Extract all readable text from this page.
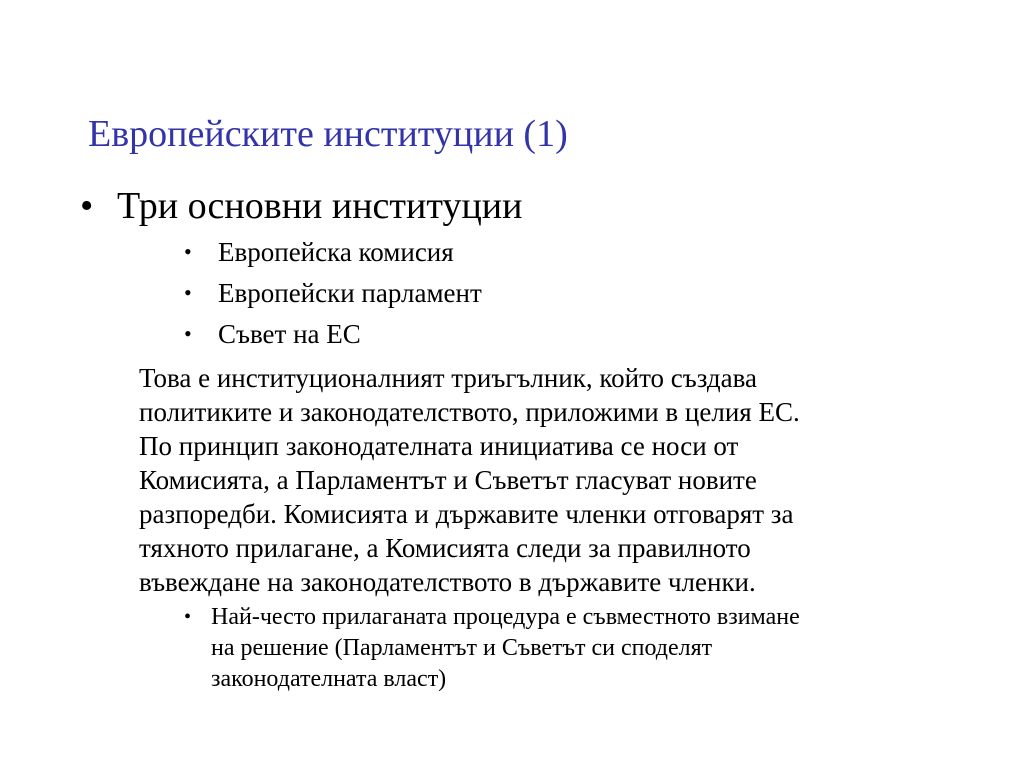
Европейските институции (1)
• Три основни институции
• Европейска комисия
• Европейски парламент
• Съвет на ЕС

Това е институционалният триъгълник, който създава
политиките и законодателството, приложими в целия ЕС.
По принцип законодателната инициатива се носи от
Комисията, а Парламентът и Съветът гласуват новите
разпоредби. Комисията и държавите членки отговарят за
тяхното прилагане, а Комисията следи за правилното
въвеждане на законодателството в държавите членки.

• Най-често прилаганата процедура е съвместното взимане
на решение (Парламентът и Съветът си споделят
законодателната власт)
